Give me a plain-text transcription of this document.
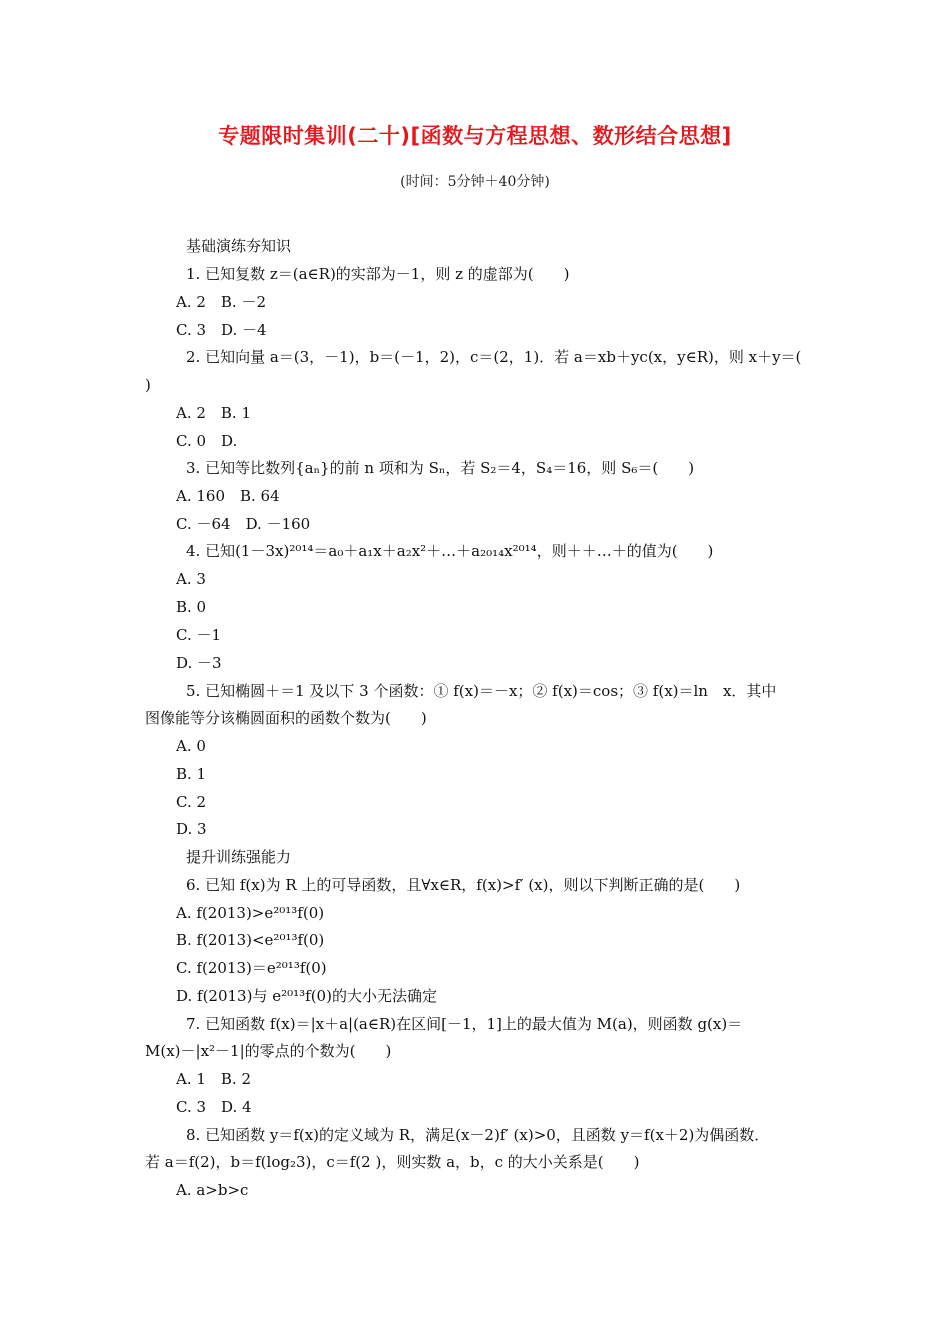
专题限时集训(二十)[函数与方程思想、数形结合思想]
(时间：5分钟＋40分钟)
基础演练夯知识
1. 已知复数 z＝(a∈R)的实部为－1，则 z 的虚部为(　　)
A. 2　B. －2
C. 3　D. －4
2. 已知向量 a＝(3，－1)，b＝(－1，2)，c＝(2，1)．若 a＝xb＋yc(x，y∈R)，则 x＋y＝(
)
A. 2　B. 1
C. 0　D.
3. 已知等比数列{aₙ}的前 n 项和为 Sₙ，若 S₂＝4，S₄＝16，则 S₆＝(　　)
A. 160　B. 64
C. －64　D. －160
4. 已知(1－3x)²⁰¹⁴＝a₀＋a₁x＋a₂x²＋…＋a₂₀₁₄x²⁰¹⁴，则＋＋…＋的值为(　　)
A. 3
B. 0
C. －1
D. －3
5. 已知椭圆＋＝1 及以下 3 个函数：① f(x)＝－x；② f(x)＝cos；③ f(x)＝ln　x．其中
图像能等分该椭圆面积的函数个数为(　　)
A. 0
B. 1
C. 2
D. 3
提升训练强能力
6. 已知 f(x)为 R 上的可导函数，且∀x∈R，f(x)>f′ (x)，则以下判断正确的是(　　)
A. f(2013)>e²⁰¹³f(0)
B. f(2013)<e²⁰¹³f(0)
C. f(2013)＝e²⁰¹³f(0)
D. f(2013)与 e²⁰¹³f(0)的大小无法确定
7. 已知函数 f(x)＝|x＋a|(a∈R)在区间[－1，1]上的最大值为 M(a)，则函数 g(x)＝
M(x)－|x²－1|的零点的个数为(　　)
A. 1　B. 2
C. 3　D. 4
8. 已知函数 y＝f(x)的定义域为 R，满足(x－2)f′ (x)>0，且函数 y＝f(x＋2)为偶函数．
若 a＝f(2)，b＝f(log₂3)，c＝f(2 )，则实数 a，b，c 的大小关系是(　　)
A. a>b>c
